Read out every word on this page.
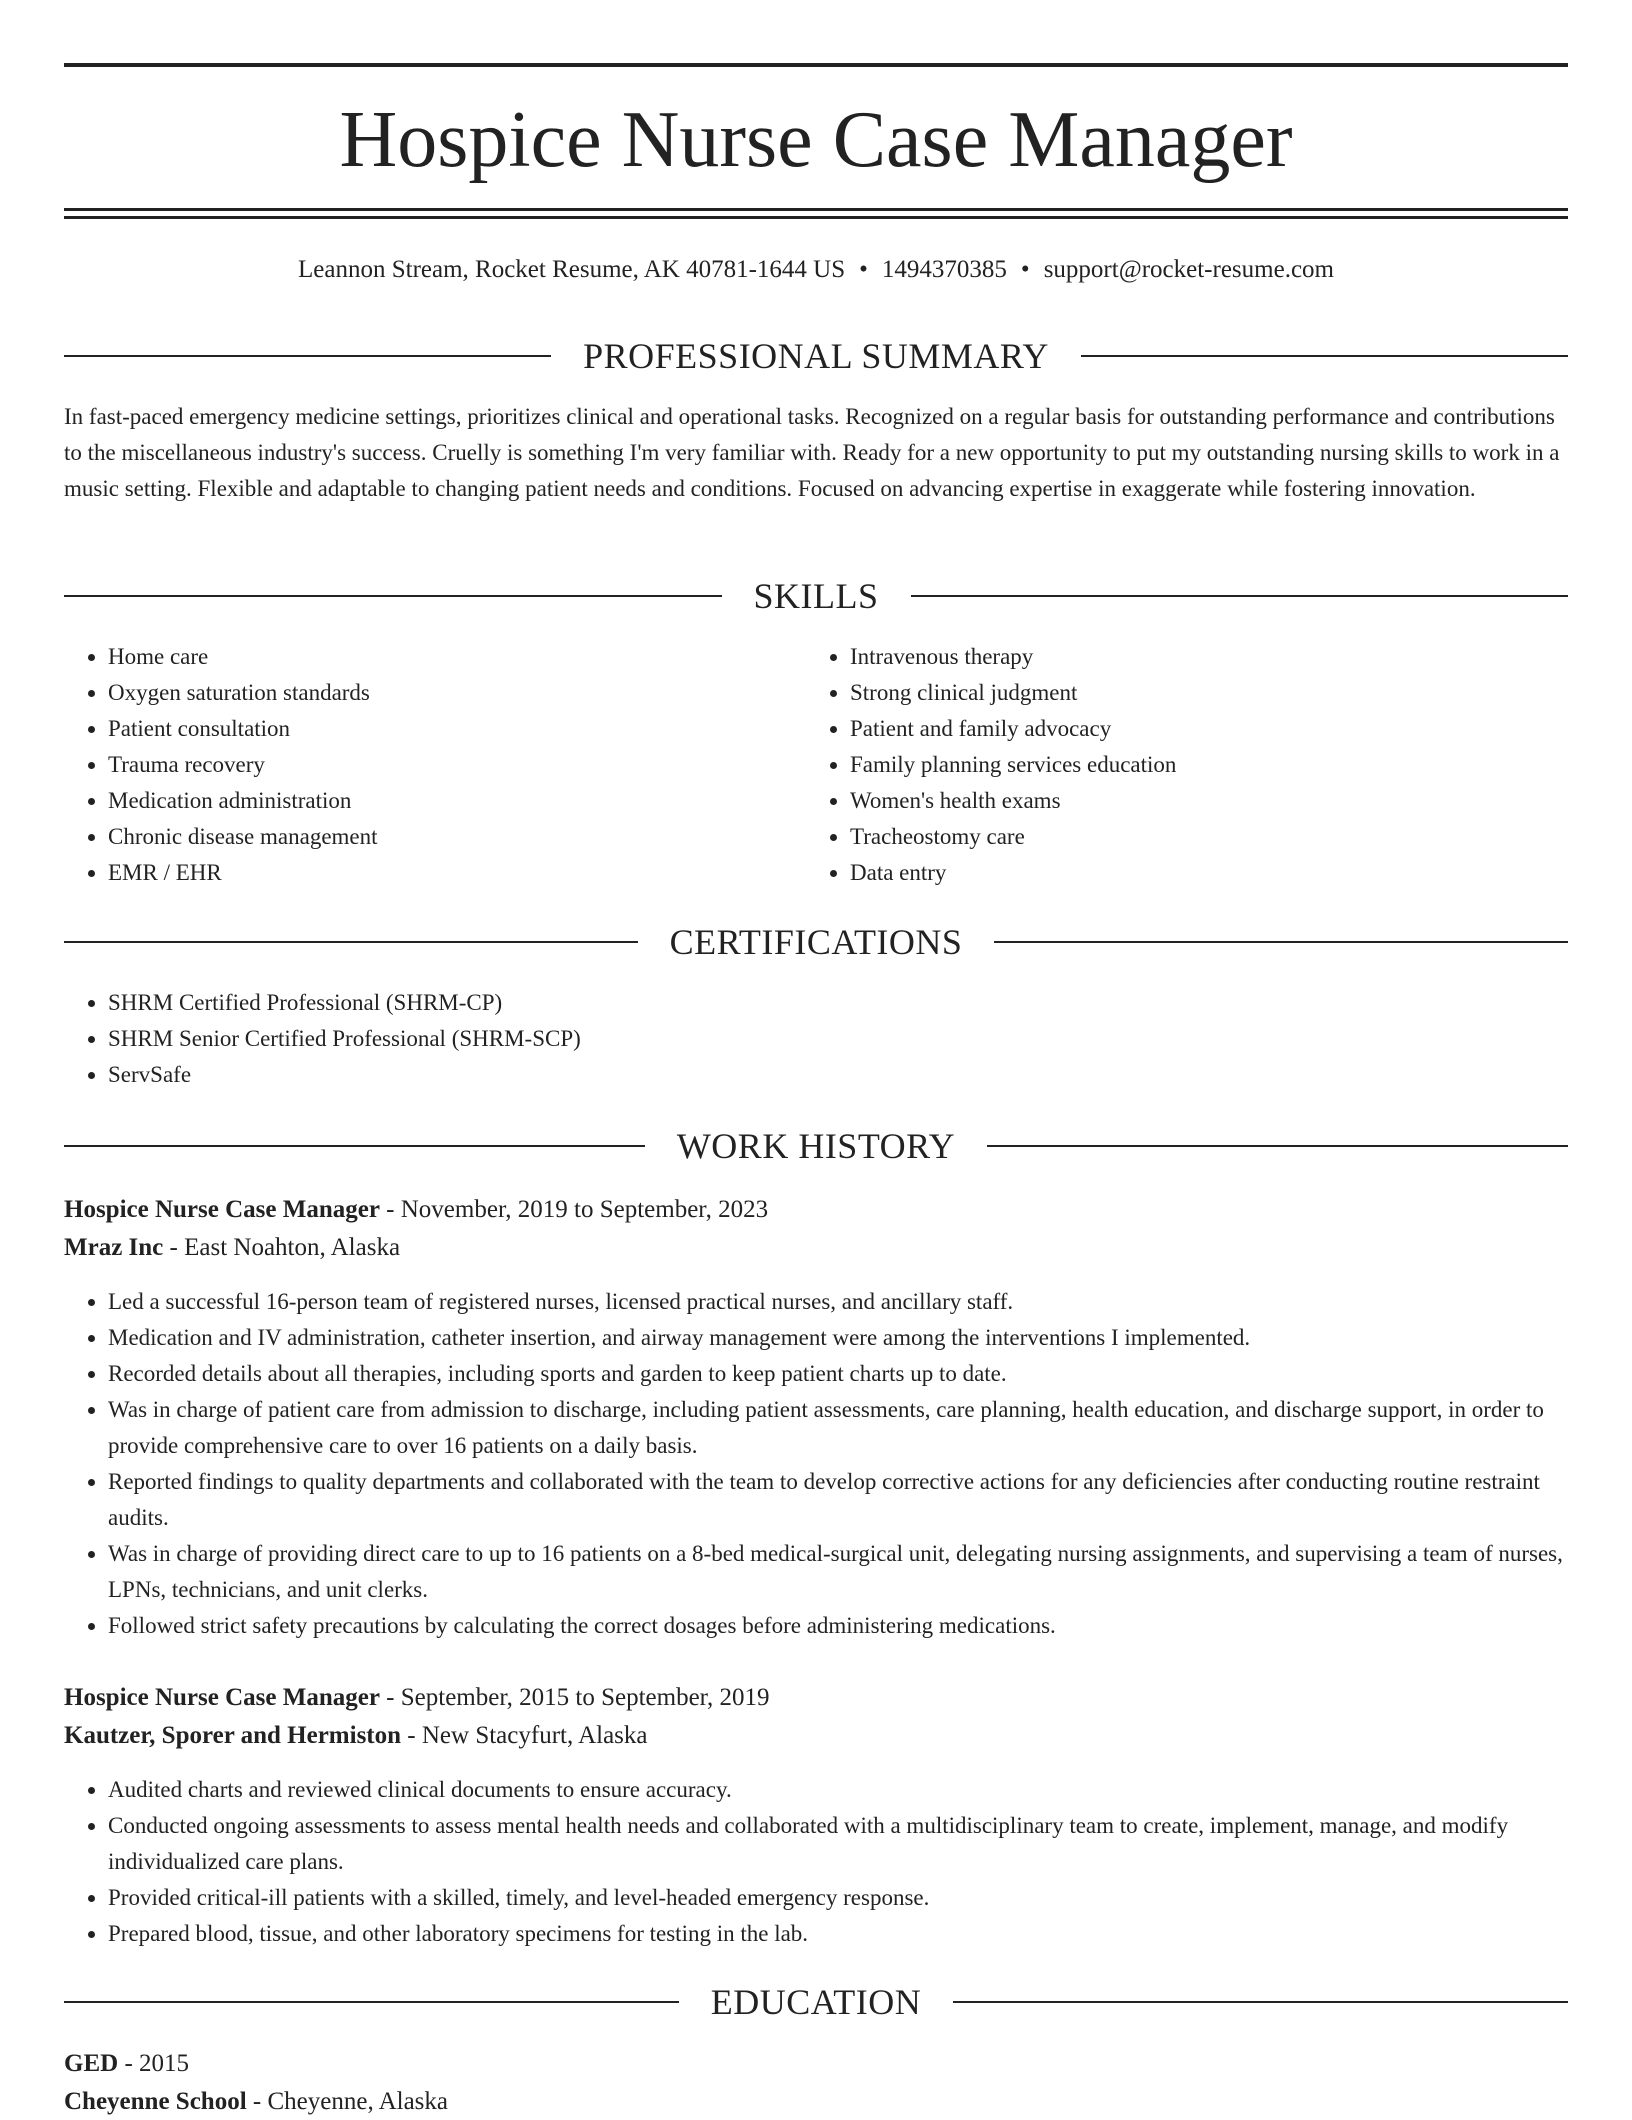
Hospice Nurse Case Manager
Leannon Stream, Rocket Resume, AK 40781-1644 US • 1494370385 • support@rocket-resume.com
PROFESSIONAL SUMMARY

In fast-paced emergency medicine settings, prioritizes clinical and operational tasks. Recognized on a regular basis for outstanding performance and contributions to the miscellaneous industry's success. Cruelly is something I'm very familiar with. Ready for a new opportunity to put my outstanding nursing skills to work in a music setting. Flexible and adaptable to changing patient needs and conditions. Focused on advancing expertise in exaggerate while fostering innovation.

SKILLS
• Home care
• Oxygen saturation standards
• Patient consultation
• Trauma recovery
• Medication administration
• Chronic disease management
• EMR / EHR
• Intravenous therapy
• Strong clinical judgment
• Patient and family advocacy
• Family planning services education
• Women's health exams
• Tracheostomy care
• Data entry
CERTIFICATIONS
• SHRM Certified Professional (SHRM-CP)
• SHRM Senior Certified Professional (SHRM-SCP)
• ServSafe
WORK HISTORY
Hospice Nurse Case Manager - November, 2019 to September, 2023
Mraz Inc - East Noahton, Alaska
• Led a successful 16-person team of registered nurses, licensed practical nurses, and ancillary staff.
• Medication and IV administration, catheter insertion, and airway management were among the interventions I implemented.
• Recorded details about all therapies, including sports and garden to keep patient charts up to date.
• Was in charge of patient care from admission to discharge, including patient assessments, care planning, health education, and discharge support, in order to provide comprehensive care to over 16 patients on a daily basis.
• Reported findings to quality departments and collaborated with the team to develop corrective actions for any deficiencies after conducting routine restraint audits.
• Was in charge of providing direct care to up to 16 patients on a 8-bed medical-surgical unit, delegating nursing assignments, and supervising a team of nurses, LPNs, technicians, and unit clerks.
• Followed strict safety precautions by calculating the correct dosages before administering medications.
Hospice Nurse Case Manager - September, 2015 to September, 2019
Kautzer, Sporer and Hermiston - New Stacyfurt, Alaska
• Audited charts and reviewed clinical documents to ensure accuracy.
• Conducted ongoing assessments to assess mental health needs and collaborated with a multidisciplinary team to create, implement, manage, and modify individualized care plans.
• Provided critical-ill patients with a skilled, timely, and level-headed emergency response.
• Prepared blood, tissue, and other laboratory specimens for testing in the lab.
EDUCATION
GED - 2015
Cheyenne School - Cheyenne, Alaska
